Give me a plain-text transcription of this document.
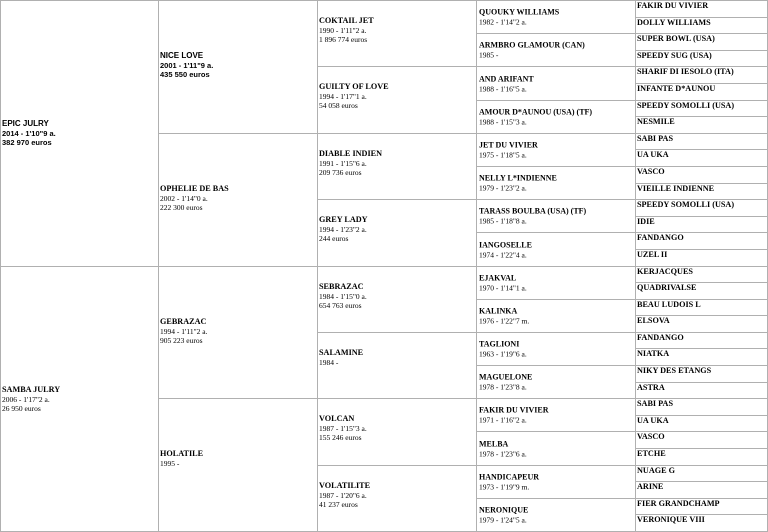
EPIC JULRY
2014 - 1'10"9 a.
382 970 euros
SAMBA JULRY
2006 - 1'17"2 a.
26 950 euros
NICE LOVE
2001 - 1'11"9 a.
435 550 euros
OPHELIE DE BAS
2002 - 1'14"0 a.
222 300 euros
GEBRAZAC
1994 - 1'11"2 a.
905 223 euros
HOLATILE
1995 -
COKTAIL JET
1990 - 1'11"2 a.
1 896 774 euros
GUILTY OF LOVE
1994 - 1'17"1 a.
54 058 euros
DIABLE INDIEN
1991 - 1'15"6 a.
209 736 euros
GREY LADY
1994 - 1'23"2 a.
244 euros
SEBRAZAC
1984 - 1'15"0 a.
654 763 euros
SALAMINE
1984 -
VOLCAN
1987 - 1'15"3 a.
155 246 euros
VOLATILITE
1987 - 1'20"6 a.
41 237 euros
QUOUKY WILLIAMS
1982 - 1'14"2 a.
ARMBRO GLAMOUR (CAN)
1985 -
AND ARIFANT
1988 - 1'16"5 a.
AMOUR D*AUNOU (USA) (TF)
1988 - 1'15"3 a.
JET DU VIVIER
1975 - 1'18"5 a.
NELLY L*INDIENNE
1979 - 1'23"2 a.
TARASS BOULBA (USA) (TF)
1985 - 1'18"8 a.
IANGOSELLE
1974 - 1'22"4 a.
EJAKVAL
1970 - 1'14"1 a.
KALINKA
1976 - 1'22"7 m.
TAGLIONI
1963 - 1'19"6 a.
MAGUELONE
1978 - 1'23"8 a.
FAKIR DU VIVIER
1971 - 1'16"2 a.
MELBA
1978 - 1'23"6 a.
HANDICAPEUR
1973 - 1'19"9 m.
NERONIQUE
1979 - 1'24"5 a.
FAKIR DU VIVIER
DOLLY WILLIAMS
SUPER BOWL (USA)
SPEEDY SUG (USA)
SHARIF DI IESOLO (ITA)
INFANTE D*AUNOU
SPEEDY SOMOLLI (USA)
NESMILE
SABI PAS
UA UKA
VASCO
VIEILLE INDIENNE
SPEEDY SOMOLLI (USA)
IDIE
FANDANGO
UZEL II
KERJACQUES
QUADRIVALSE
BEAU LUDOIS L
ELSOVA
FANDANGO
NIATKA
NIKY DES ETANGS
ASTRA
SABI PAS
UA UKA
VASCO
ETCHE
NUAGE G
ARINE
FIER GRANDCHAMP
VERONIQUE VIII
